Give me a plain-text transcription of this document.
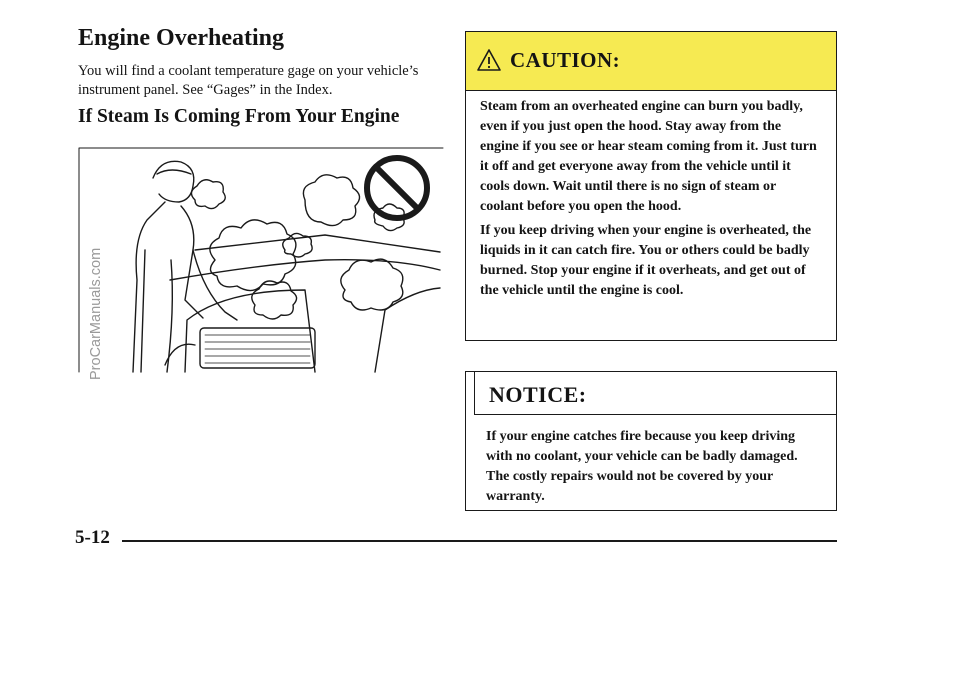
Engine Overheating
You will find a coolant temperature gage on your vehicle’s instrument panel. See “Gages” in the Index.
If Steam Is Coming From Your Engine
ProCarManuals.com
CAUTION:

Steam from an overheated engine can burn you badly, even if you just open the hood. Stay away from the engine if you see or hear steam coming from it. Just turn it off and get everyone away from the vehicle until it cools down. Wait until there is no sign of steam or coolant before you open the hood.

If you keep driving when your engine is overheated, the liquids in it can catch fire. You or others could be badly burned. Stop your engine if it overheats, and get out of the vehicle until the engine is cool.

NOTICE:
If your engine catches fire because you keep driving with no coolant, your vehicle can be badly damaged. The costly repairs would not be covered by your warranty.
5-12
